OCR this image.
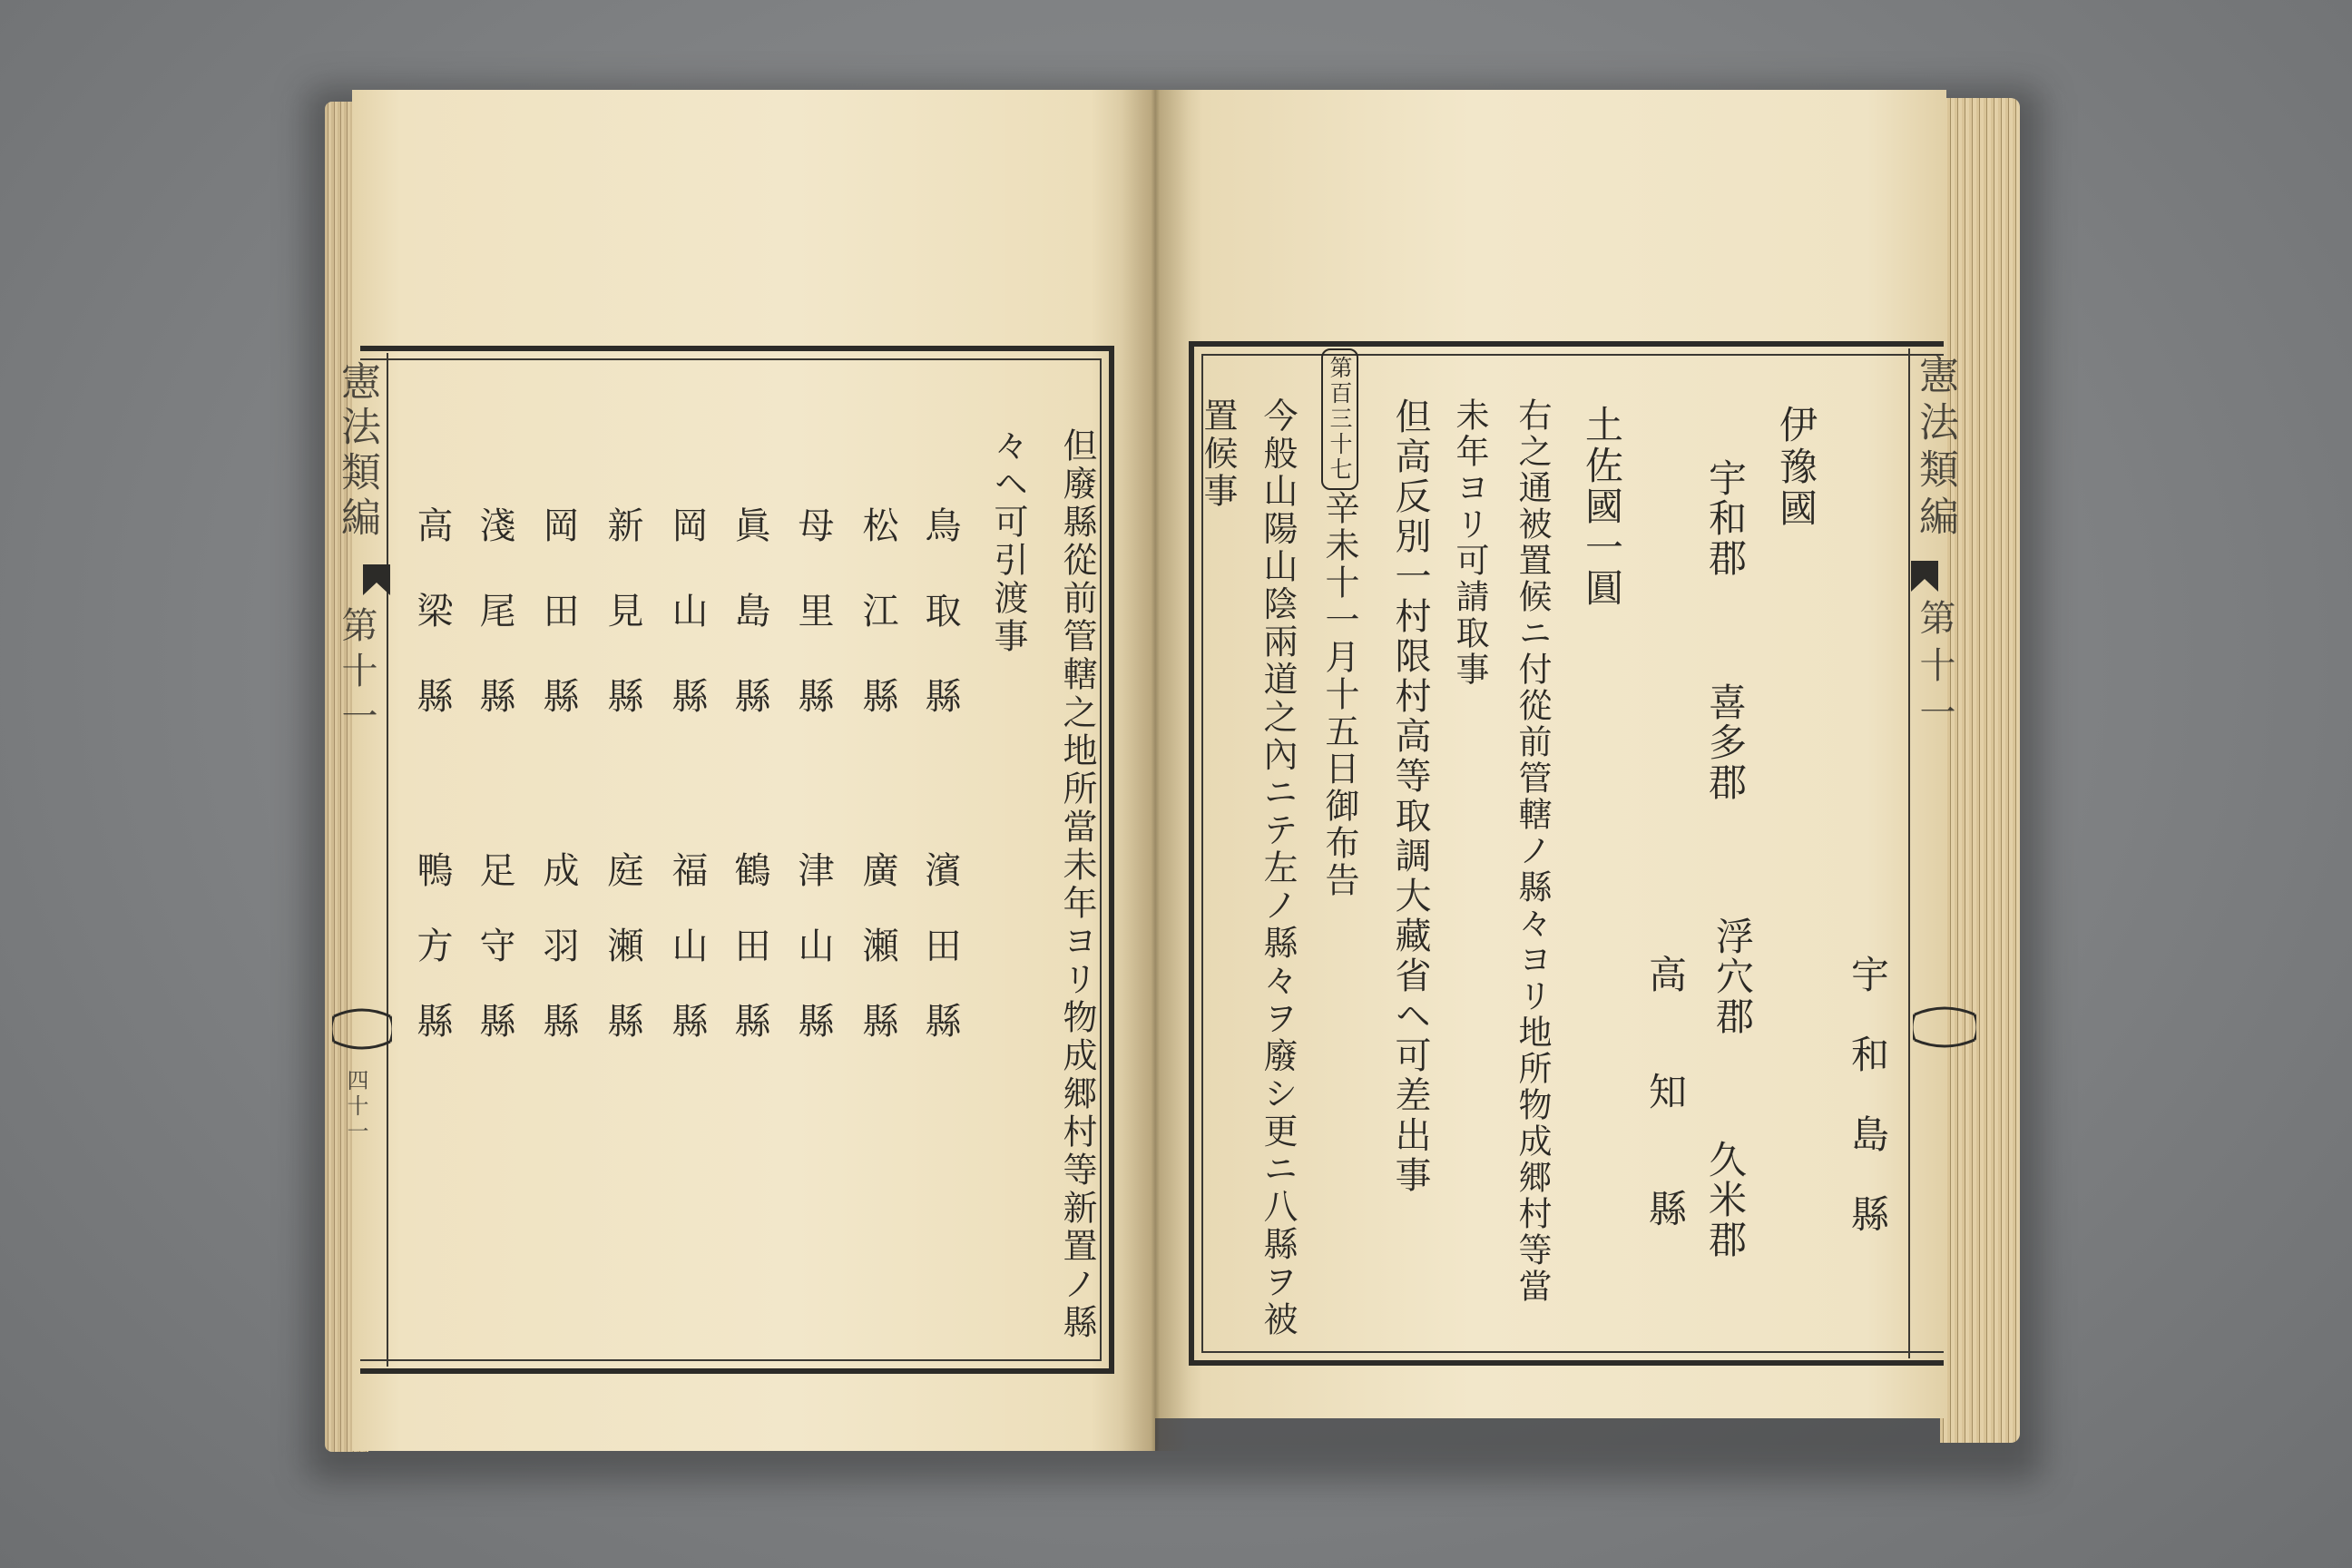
憲法類編
第十一
四十一
憲法類編
第十一
宇和島縣
伊豫國
宇和郡
喜多郡
浮穴郡
久米郡
高知縣
土佐國一圓
右之通被置候ニ付從前管轄ノ縣々ヨリ地所物成郷村等當
未年ヨリ可請取事
但高反別一村限村高等取調大藏省ヘ可差出事
第百三十七
辛未十一月十五日御布告
今般山陽山陰兩道之內ニテ左ノ縣々ヲ廢シ更ニ八縣ヲ被
置候事
但廢縣從前管轄之地所當未年ヨリ物成郷村等新置ノ縣
々ヘ可引渡事
鳥取縣
濱田縣
松江縣
廣瀬縣
母里縣
津山縣
眞島縣
鶴田縣
岡山縣
福山縣
新見縣
庭瀬縣
岡田縣
成羽縣
淺尾縣
足守縣
高梁縣
鴨方縣
